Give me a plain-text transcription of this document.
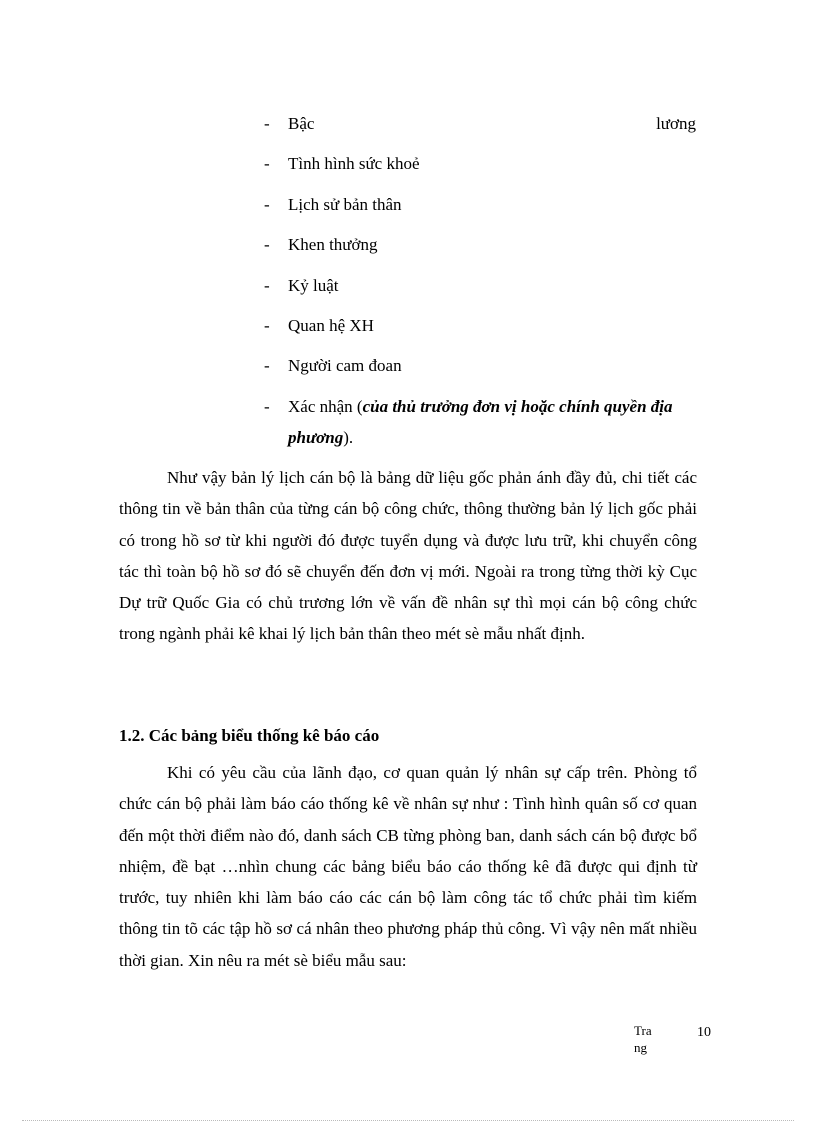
- Bậc	lương
- Tình hình sức khoẻ
- Lịch sử bản thân
- Khen thưởng
- Kỷ luật
- Quan hệ XH
- Người cam đoan
- Xác nhận (của thủ trưởng đơn vị hoặc chính quyền địa phương).

Như vậy bản lý lịch cán bộ là bảng dữ liệu gốc phản ánh đầy đủ, chi tiết các thông tin về bản thân của từng cán bộ công chức, thông thường bản lý lịch gốc phải có trong hồ sơ từ khi người đó được tuyển dụng và được lưu trữ, khi chuyển công tác thì toàn bộ hồ sơ đó sẽ chuyển đến đơn vị mới. Ngoài ra trong từng thời kỳ Cục Dự trữ Quốc Gia có chủ trương lớn về vấn đề nhân sự thì mọi cán bộ công chức trong ngành phải kê khai lý lịch bản thân theo mét sè mẫu nhất định.

1.2. Các bảng biểu thống kê báo cáo

Khi có yêu cầu của lãnh đạo, cơ quan quản lý nhân sự cấp trên. Phòng tổ chức cán bộ phải làm báo cáo thống kê về nhân sự như : Tình hình quân số cơ quan đến một thời điểm nào đó, danh sách CB từng phòng ban, danh sách cán bộ được bổ nhiệm, đề bạt …nhìn chung các bảng biểu báo cáo thống kê đã được qui định từ trước, tuy nhiên khi làm báo cáo các cán bộ làm công tác tổ chức phải tìm kiếm thông tin tõ các tập hồ sơ cá nhân theo phương pháp thủ công. Vì vậy nên mất nhiều thời gian. Xin nêu ra mét sè biểu mẫu sau:

Trang
10
